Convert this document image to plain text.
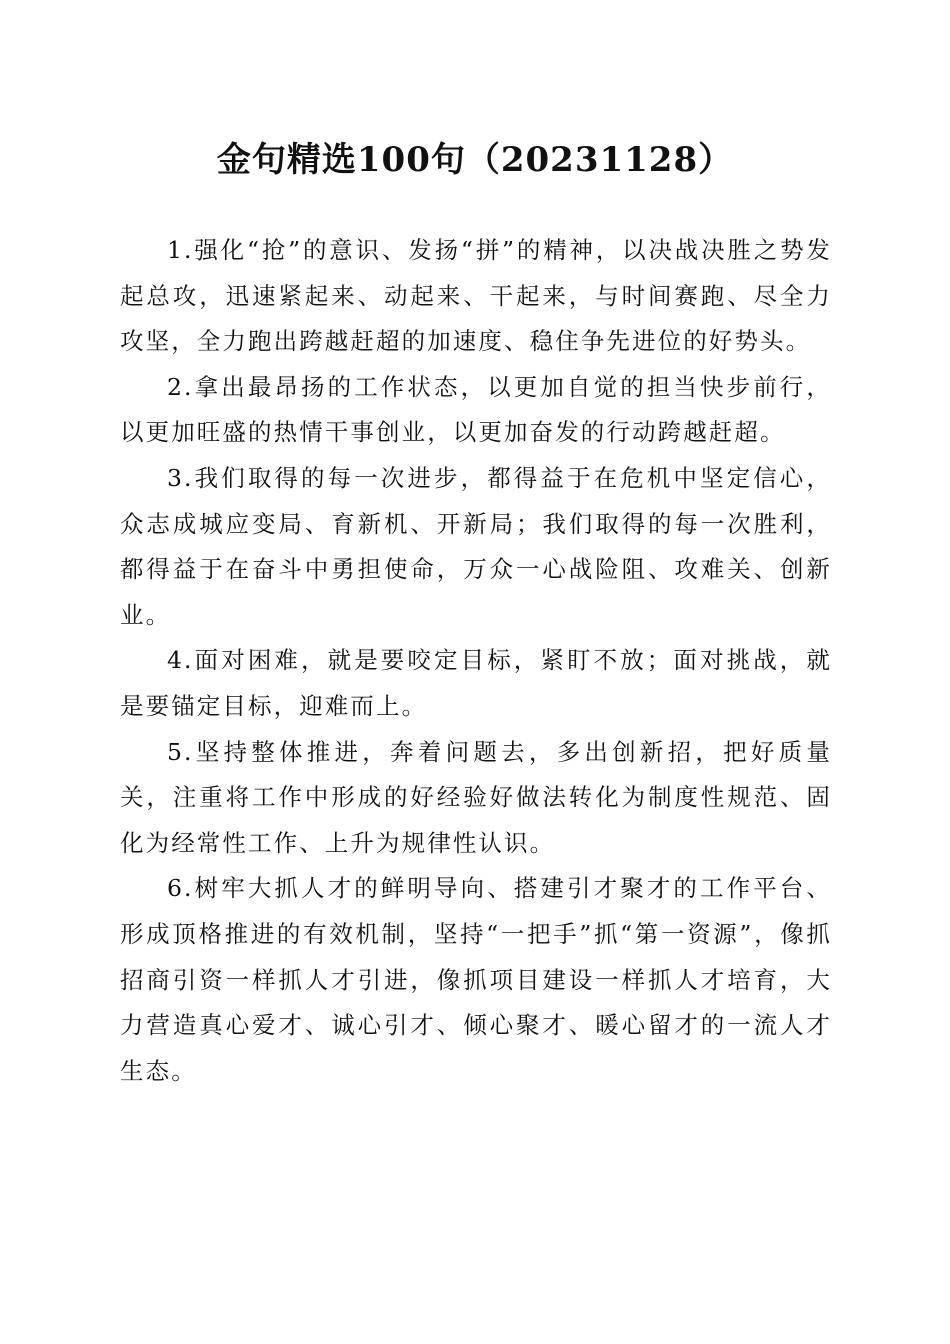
金句精选100句（20231128）

1.强化“抢”的意识、发扬“拼”的精神，以决战决胜之势发起总攻，迅速紧起来、动起来、干起来，与时间赛跑、尽全力攻坚，全力跑出跨越赶超的加速度、稳住争先进位的好势头。

2.拿出最昂扬的工作状态，以更加自觉的担当快步前行，以更加旺盛的热情干事创业，以更加奋发的行动跨越赶超。

3.我们取得的每一次进步，都得益于在危机中坚定信心，众志成城应变局、育新机、开新局；我们取得的每一次胜利，都得益于在奋斗中勇担使命，万众一心战险阻、攻难关、创新业。

4.面对困难，就是要咬定目标，紧盯不放；面对挑战，就是要锚定目标，迎难而上。

5.坚持整体推进，奔着问题去，多出创新招，把好质量关，注重将工作中形成的好经验好做法转化为制度性规范、固化为经常性工作、上升为规律性认识。

6.树牢大抓人才的鲜明导向、搭建引才聚才的工作平台、形成顶格推进的有效机制，坚持“一把手”抓“第一资源”，像抓招商引资一样抓人才引进，像抓项目建设一样抓人才培育，大力营造真心爱才、诚心引才、倾心聚才、暖心留才的一流人才生态。
